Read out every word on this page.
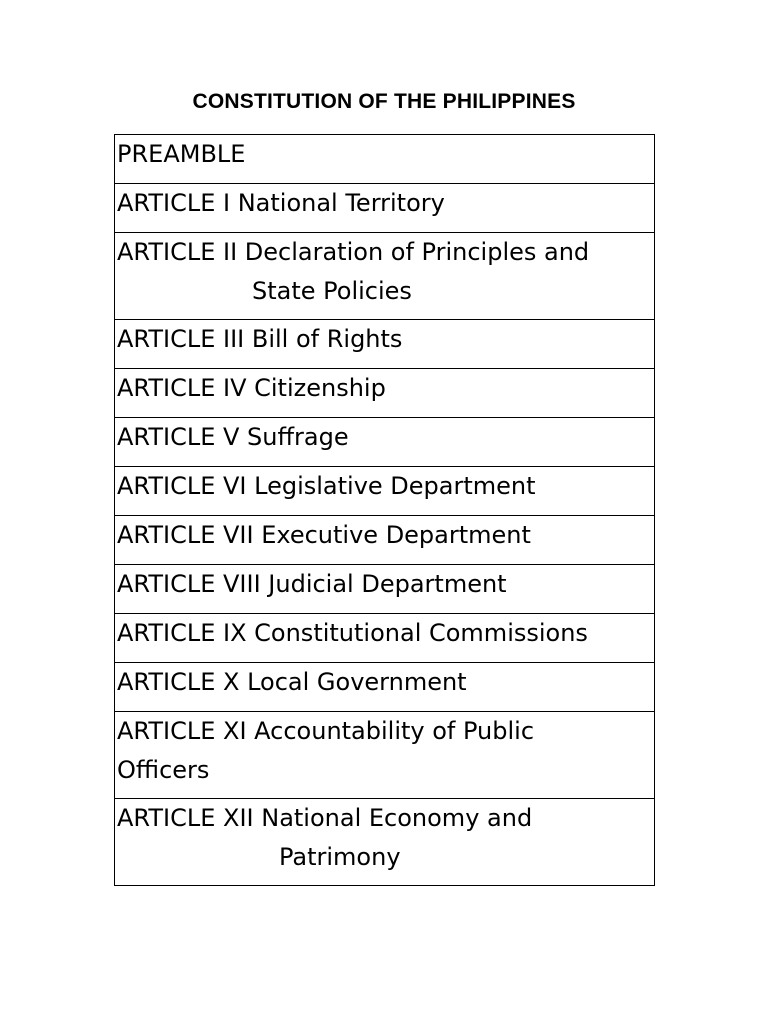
CONSTITUTION OF THE PHILIPPINES
PREAMBLE

ARTICLE I National Territory

ARTICLE II Declaration of Principles and
State Policies

ARTICLE III Bill of Rights

ARTICLE IV Citizenship

ARTICLE V Suffrage

ARTICLE VI Legislative Department

ARTICLE VII Executive Department

ARTICLE VIII Judicial Department

ARTICLE IX Constitutional Commissions

ARTICLE X Local Government

ARTICLE XI Accountability of Public
Officers

ARTICLE XII National Economy and
Patrimony
